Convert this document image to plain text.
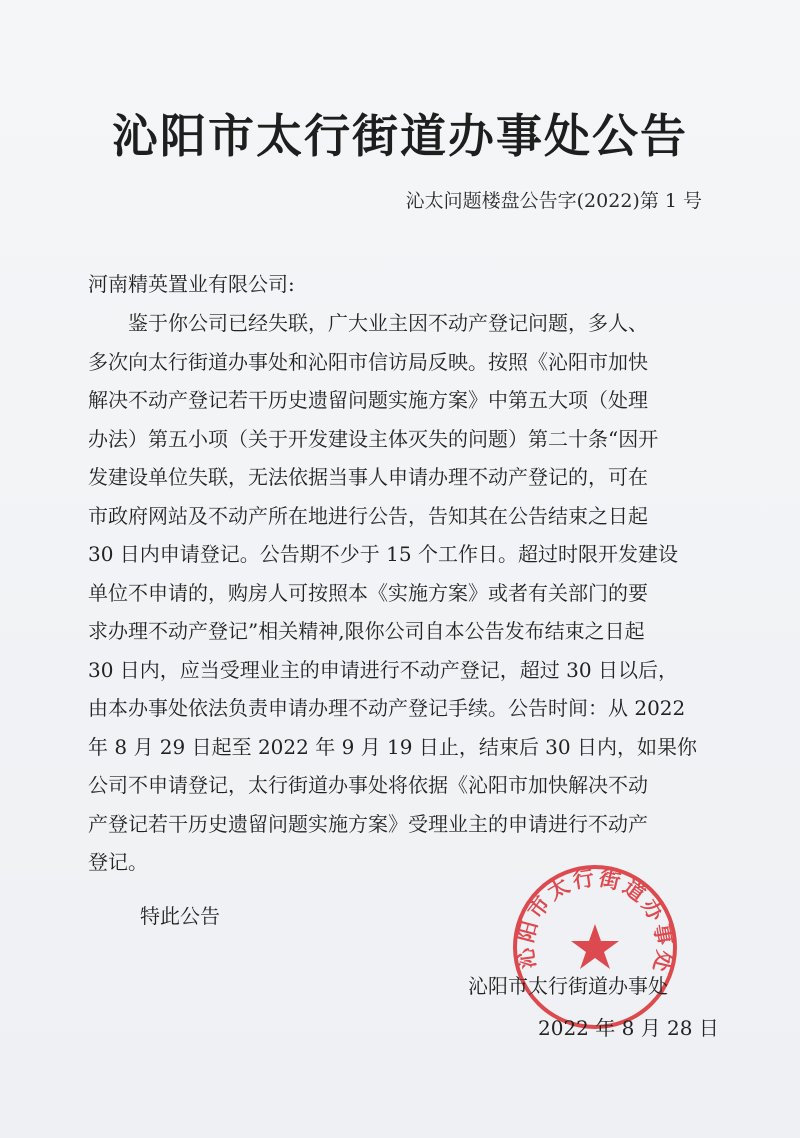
沁阳市太行街道办事处公告
沁太问题楼盘公告字(2022)第 1 号
河南精英置业有限公司:
　　鉴于你公司已经失联，广大业主因不动产登记问题，多人、
多次向太行街道办事处和沁阳市信访局反映。按照《沁阳市加快
解决不动产登记若干历史遗留问题实施方案》中第五大项（处理
办法）第五小项（关于开发建设主体灭失的问题）第二十条“因开
发建设单位失联，无法依据当事人申请办理不动产登记的，可在
市政府网站及不动产所在地进行公告，告知其在公告结束之日起
30 日内申请登记。公告期不少于 15 个工作日。超过时限开发建设
单位不申请的，购房人可按照本《实施方案》或者有关部门的要
求办理不动产登记”相关精神,限你公司自本公告发布结束之日起
30 日内，应当受理业主的申请进行不动产登记，超过 30 日以后，
由本办事处依法负责申请办理不动产登记手续。公告时间：从 2022
年 8 月 29 日起至 2022 年 9 月 19 日止，结束后 30 日内，如果你
公司不申请登记，太行街道办事处将依据《沁阳市加快解决不动
产登记若干历史遗留问题实施方案》受理业主的申请进行不动产
登记。
特此公告
沁阳市太行街道办事处
沁阳市太行街道办事处
2022 年 8 月 28 日
